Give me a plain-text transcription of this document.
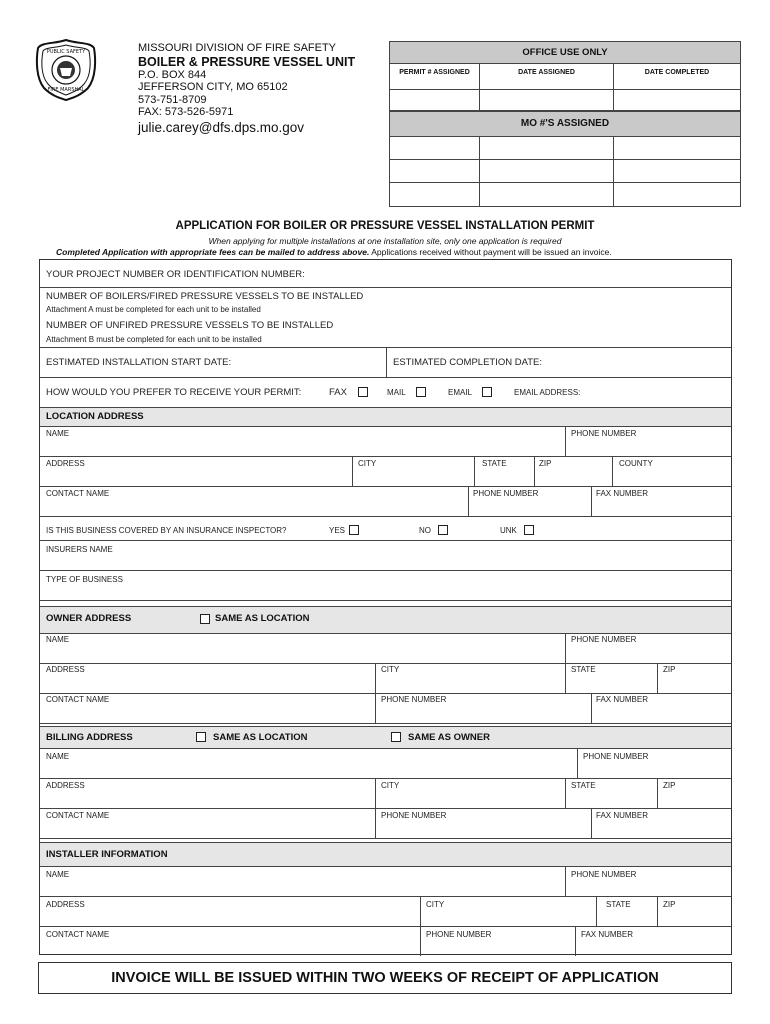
PUBLIC SAFETY
FIRE MARSHAL
MISSOURI DIVISION OF FIRE SAFETY
BOILER & PRESSURE VESSEL UNIT
P.O. BOX 844
JEFFERSON CITY, MO 65102
573-751-8709
FAX: 573-526-5971
julie.carey@dfs.dps.mo.gov
OFFICE USE ONLY
PERMIT # ASSIGNED	DATE ASSIGNED	DATE COMPLETED
MO #'S ASSIGNED
APPLICATION FOR BOILER OR PRESSURE VESSEL INSTALLATION PERMIT
When applying for multiple installations at one installation site, only one application is required
Completed Application with appropriate fees can be mailed to address above. Applications received without payment will be issued an invoice.
YOUR PROJECT NUMBER OR IDENTIFICATION NUMBER:
NUMBER OF BOILERS/FIRED PRESSURE VESSELS TO BE INSTALLED
Attachment A must be completed for each unit to be installed
NUMBER OF UNFIRED PRESSURE VESSELS TO BE INSTALLED
Attachment B must be completed for each unit to be installed
ESTIMATED INSTALLATION START DATE:	ESTIMATED COMPLETION DATE:
HOW WOULD YOU PREFER TO RECEIVE YOUR PERMIT:	FAX	MAIL	EMAIL	EMAIL ADDRESS:
LOCATION ADDRESS
NAME	PHONE NUMBER
ADDRESS	CITY	STATE	ZIP	COUNTY
CONTACT NAME	PHONE NUMBER	FAX NUMBER
IS THIS BUSINESS COVERED BY AN INSURANCE INSPECTOR?	YES	NO	UNK
INSURERS NAME
TYPE OF BUSINESS
OWNER ADDRESS	SAME AS LOCATION
NAME	PHONE NUMBER
ADDRESS	CITY	STATE	ZIP
CONTACT NAME	PHONE NUMBER	FAX NUMBER
BILLING ADDRESS	SAME AS LOCATION	SAME AS OWNER
NAME	PHONE NUMBER
ADDRESS	CITY	STATE	ZIP
CONTACT NAME	PHONE NUMBER	FAX NUMBER
INSTALLER INFORMATION
NAME	PHONE NUMBER
ADDRESS	CITY	STATE	ZIP
CONTACT NAME	PHONE NUMBER	FAX NUMBER
INVOICE WILL BE ISSUED WITHIN TWO WEEKS OF RECEIPT OF APPLICATION
